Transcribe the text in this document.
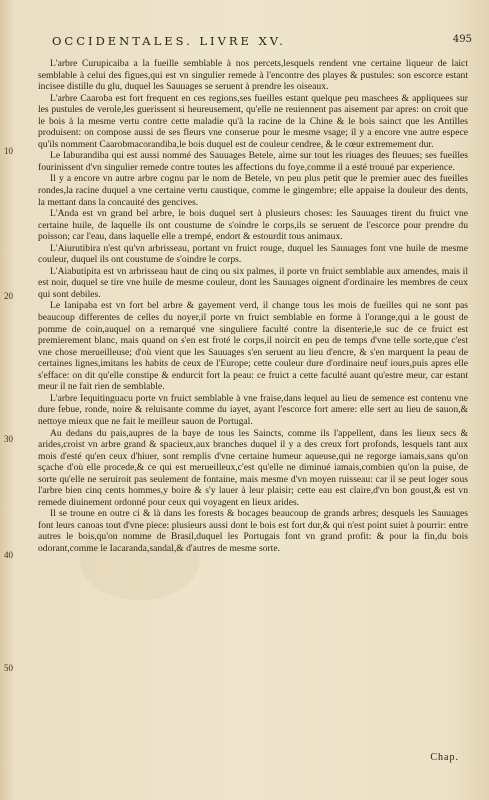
OCCIDENTALES. LIVRE XV.	495
10
20
30
40
50

L'arbre Curupicaiba a la fueille semblable à nos percets,lesquels rendent vne certaine liqueur de laict semblable à celui des figues,qui est vn singulier remede à l'encontre des playes & pustules: son escorce estant incisee distille du glu, duquel les Sauuages se seruent à prendre les oiseaux.

L'arbre Caaroba est fort frequent en ces regions,ses fueilles estant quelque peu maschees & appliquees sur les pustules de verole,les guerissent si heureusement, qu'elle ne reuiennent pas aisement par apres: on croit que le bois à la mesme vertu contre cette maladie qu'à la racine de la Chine & le bois sainct que les Antilles produisent: on compose aussi de ses fleurs vne conserue pour le mesme vsage; il y a encore vne autre espece qu'ils nomment Caarobmacorandiba,le bois duquel est de couleur cendree, & le cœur extremement dur.

Le Iaburandiba qui est aussi nommé des Sauuages Betele, aime sur tout les riuages des fleuues; ses fueilles fourinissent d'vn singulier remede contre toutes les affections du foye,comme il a esté trouué par experience.

Il y a encore vn autre arbre cognu par le nom de Betele, vn peu plus petit que le premier auec des fueilles rondes,la racine duquel a vne certaine vertu caustique, comme le gingembre; elle appaise la douleur des dents, la mettant dans la concauité des gencives.

L'Anda est vn grand bel arbre, le bois duquel sert à plusieurs choses: les Sauuages tirent du fruict vne certaine huile, de laquelle ils ont coustume de s'oindre le corps,ils se seruent de l'escorce pour prendre du poisson; car l'eau, dans laquelle elle a trempé, endort & estourdit tous animaux.

L'Aiurutibira n'est qu'vn arbrisseau, portant vn fruict rouge, duquel les Sauuages font vne huile de mesme couleur, duquel ils ont coustume de s'oindre le corps.

L'Aiabutipita est vn arbrisseau haut de cinq ou six palmes, il porte vn fruict semblable aux amendes, mais il est noir, duquel se tire vne huile de mesme couleur, dont les Sauuages oignent d'ordinaire les membres de ceux qui sont debiles.

Le Ianipaba est vn fort bel arbre & gayement verd, il change tous les mois de fueilles qui ne sont pas beaucoup differentes de celles du noyer,il porte vn fruict semblable en forme à l'orange,qui a le goust de pomme de coin,auquel on a remarqué vne singuliere faculté contre la disenterie,le suc de ce fruict est premierement blanc, mais quand on s'en est froté le corps,il noircit en peu de temps d'vne telle sorte,que c'est vne chose merueilleuse; d'où vient que les Sauuages s'en seruent au lieu d'encre, & s'en marquent la peau de certaines lignes,imitans les habits de ceux de l'Europe; cette couleur dure d'ordinaire neuf iours,puis apres elle s'efface: on dit qu'elle constipe & endurcit fort la peau: ce fruict a cette faculté auant qu'estre meur, car estant meur il ne fait rien de semblable.

L'arbre Iequitinguacu porte vn fruict semblable à vne fraise,dans lequel au lieu de semence est contenu vne dure febue, ronde, noire & reluisante comme du iayet, ayant l'escorce fort amere: elle sert au lieu de sauon,& nettoye mieux que ne fait le meilleur sauon de Portugal.

Au dedans du pais,aupres de la baye de tous les Saincts, comme ils l'appellent, dans les lieux secs & arides,croist vn arbre grand & spacieux,aux branches duquel il y a des creux fort profonds, lesquels tant aux mois d'esté qu'en ceux d'hiuer, sont remplis d'vne certaine humeur aqueuse,qui ne regorge iamais,sans qu'on sçache d'où elle procede,& ce qui est merueilleux,c'est qu'elle ne diminué iamais,combien qu'on la puise, de sorte qu'elle ne seruiroit pas seulement de fontaine, mais mesme d'vn moyen ruisseau: car il se peut loger sous l'arbre bien cinq cents hommes,y boire & s'y lauer à leur plaisir; cette eau est claire,d'vn bon goust,& est vn remede diuinement ordonné pour ceux qui voyagent en lieux arides.

Il se troune en outre ci & là dans les forests & bocages beaucoup de grands arbres; desquels les Sauuages font leurs canoas tout d'vne piece: plusieurs aussi dont le bois est fort dur,& qui n'est point suiet à pourrir: entre autres le bois,qu'on nomme de Brasil,duquel les Portugais font vn grand profit: & pour la fin,du bois odorant,comme le Iacaranda,sandal,& d'autres de mesme sorte.

Chap.
